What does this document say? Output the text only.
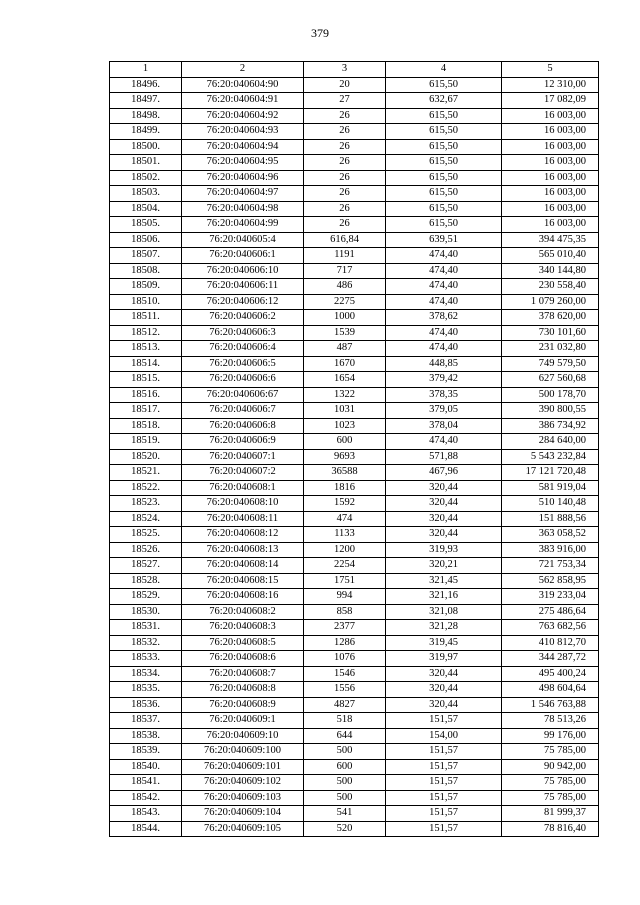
379
1	2	3	4	5
18496.	76:20:040604:90	20	615,50	12 310,00
18497.	76:20:040604:91	27	632,67	17 082,09
18498.	76:20:040604:92	26	615,50	16 003,00
18499.	76:20:040604:93	26	615,50	16 003,00
18500.	76:20:040604:94	26	615,50	16 003,00
18501.	76:20:040604:95	26	615,50	16 003,00
18502.	76:20:040604:96	26	615,50	16 003,00
18503.	76:20:040604:97	26	615,50	16 003,00
18504.	76:20:040604:98	26	615,50	16 003,00
18505.	76:20:040604:99	26	615,50	16 003,00
18506.	76:20:040605:4	616,84	639,51	394 475,35
18507.	76:20:040606:1	1191	474,40	565 010,40
18508.	76:20:040606:10	717	474,40	340 144,80
18509.	76:20:040606:11	486	474,40	230 558,40
18510.	76:20:040606:12	2275	474,40	1 079 260,00
18511.	76:20:040606:2	1000	378,62	378 620,00
18512.	76:20:040606:3	1539	474,40	730 101,60
18513.	76:20:040606:4	487	474,40	231 032,80
18514.	76:20:040606:5	1670	448,85	749 579,50
18515.	76:20:040606:6	1654	379,42	627 560,68
18516.	76:20:040606:67	1322	378,35	500 178,70
18517.	76:20:040606:7	1031	379,05	390 800,55
18518.	76:20:040606:8	1023	378,04	386 734,92
18519.	76:20:040606:9	600	474,40	284 640,00
18520.	76:20:040607:1	9693	571,88	5 543 232,84
18521.	76:20:040607:2	36588	467,96	17 121 720,48
18522.	76:20:040608:1	1816	320,44	581 919,04
18523.	76:20:040608:10	1592	320,44	510 140,48
18524.	76:20:040608:11	474	320,44	151 888,56
18525.	76:20:040608:12	1133	320,44	363 058,52
18526.	76:20:040608:13	1200	319,93	383 916,00
18527.	76:20:040608:14	2254	320,21	721 753,34
18528.	76:20:040608:15	1751	321,45	562 858,95
18529.	76:20:040608:16	994	321,16	319 233,04
18530.	76:20:040608:2	858	321,08	275 486,64
18531.	76:20:040608:3	2377	321,28	763 682,56
18532.	76:20:040608:5	1286	319,45	410 812,70
18533.	76:20:040608:6	1076	319,97	344 287,72
18534.	76:20:040608:7	1546	320,44	495 400,24
18535.	76:20:040608:8	1556	320,44	498 604,64
18536.	76:20:040608:9	4827	320,44	1 546 763,88
18537.	76:20:040609:1	518	151,57	78 513,26
18538.	76:20:040609:10	644	154,00	99 176,00
18539.	76:20:040609:100	500	151,57	75 785,00
18540.	76:20:040609:101	600	151,57	90 942,00
18541.	76:20:040609:102	500	151,57	75 785,00
18542.	76:20:040609:103	500	151,57	75 785,00
18543.	76:20:040609:104	541	151,57	81 999,37
18544.	76:20:040609:105	520	151,57	78 816,40
